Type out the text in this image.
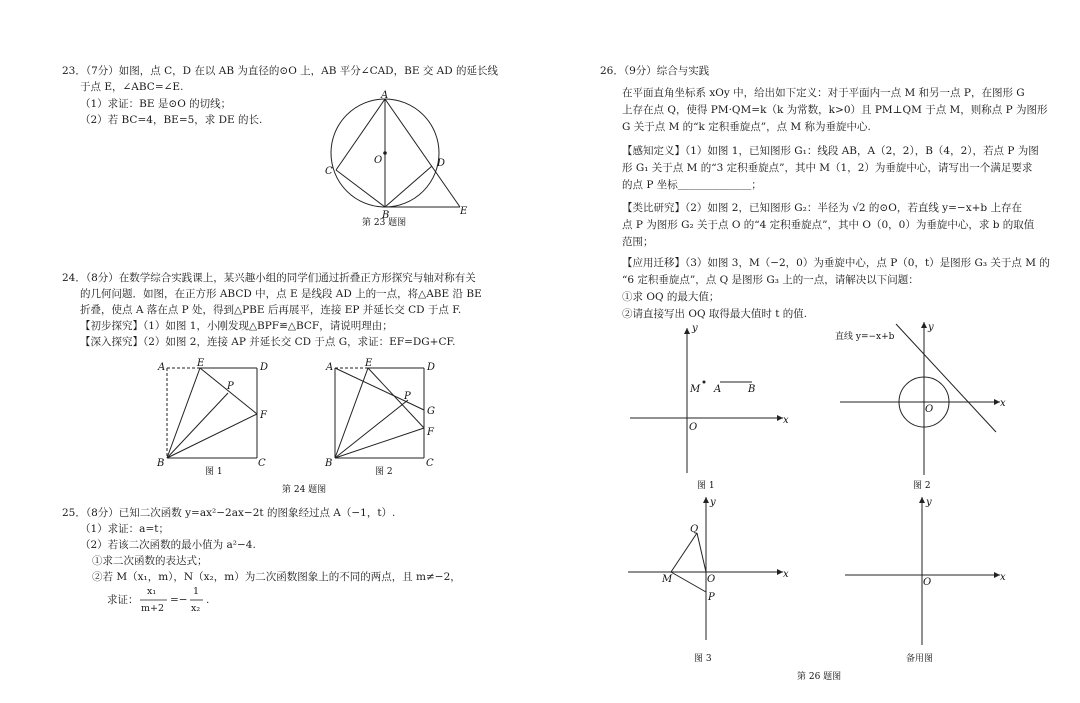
23．（7分）如图，点 C，D 在以 AB 为直径的⊙O 上，AB 平分∠CAD，BE 交 AD 的延长线
于点 E，∠ABC=∠E.
（1）求证：BE 是⊙O 的切线；
（2）若 BC=4，BE=5，求 DE 的长.
A
B
C
D
E
O
第 23 题图
A	E	D
P
F
B	C
图 1
A	E	D
P
G
F
B	C
图 2
第 24 题图
x
y
O
M A	B
图 1
x
y
O
直线 y=−x+b
图 2
x
y
O
M
Q
P
图 3
x
y
O
备用图
第 26 题图
24．（8分）在数学综合实践课上，某兴趣小组的同学们通过折叠正方形探究与轴对称有关
的几何问题．如图，在正方形 ABCD 中，点 E 是线段 AD 上的一点，将△ABE 沿 BE
折叠，使点 A 落在点 P 处，得到△PBE 后再展平，连接 EP 并延长交 CD 于点 F.
【初步探究】（1）如图 1，小刚发现△BPF≌△BCF，请说明理由；
【深入探究】（2）如图 2，连接 AP 并延长交 CD 于点 G，求证：EF=DG+CF.
25．（8分）已知二次函数 y=ax²−2ax−2t 的图象经过点 A（−1，t）.
（1）求证：a=t；
（2）若该二次函数的最小值为 a²−4.
①求二次函数的表达式；
②若 M（x₁，m），N（x₂，m）为二次函数图象上的不同的两点，且 m≠−2，
求证：
x₁
m+2
=−
1
x₂
.
26．（9分）综合与实践
在平面直角坐标系 xOy 中，给出如下定义：对于平面内一点 M 和另一点 P，在图形 G
上存在点 Q，使得 PM·QM=k（k 为常数，k>0）且 PM⊥QM 于点 M，则称点 P 为图形
G 关于点 M 的“k 定积垂旋点”，点 M 称为垂旋中心.
【感知定义】（1）如图 1，已知图形 G₁：线段 AB，A（2，2），B（4，2），若点 P 为图
形 G₁ 关于点 M 的“3 定积垂旋点”，其中 M（1，2）为垂旋中心，请写出一个满足要求
的点 P 坐标＿＿＿＿＿＿＿；
【类比研究】（2）如图 2，已知图形 G₂：半径为 √2 的⊙O，若直线 y=−x+b 上存在
点 P 为图形 G₂ 关于点 O 的“4 定积垂旋点”，其中 O（0，0）为垂旋中心，求 b 的取值
范围；
【应用迁移】（3）如图 3，M（−2，0）为垂旋中心，点 P（0，t）是图形 G₃ 关于点 M 的
“6 定积垂旋点”，点 Q 是图形 G₃ 上的一点，请解决以下问题：
①求 OQ 的最大值；
②请直接写出 OQ 取得最大值时 t 的值.
